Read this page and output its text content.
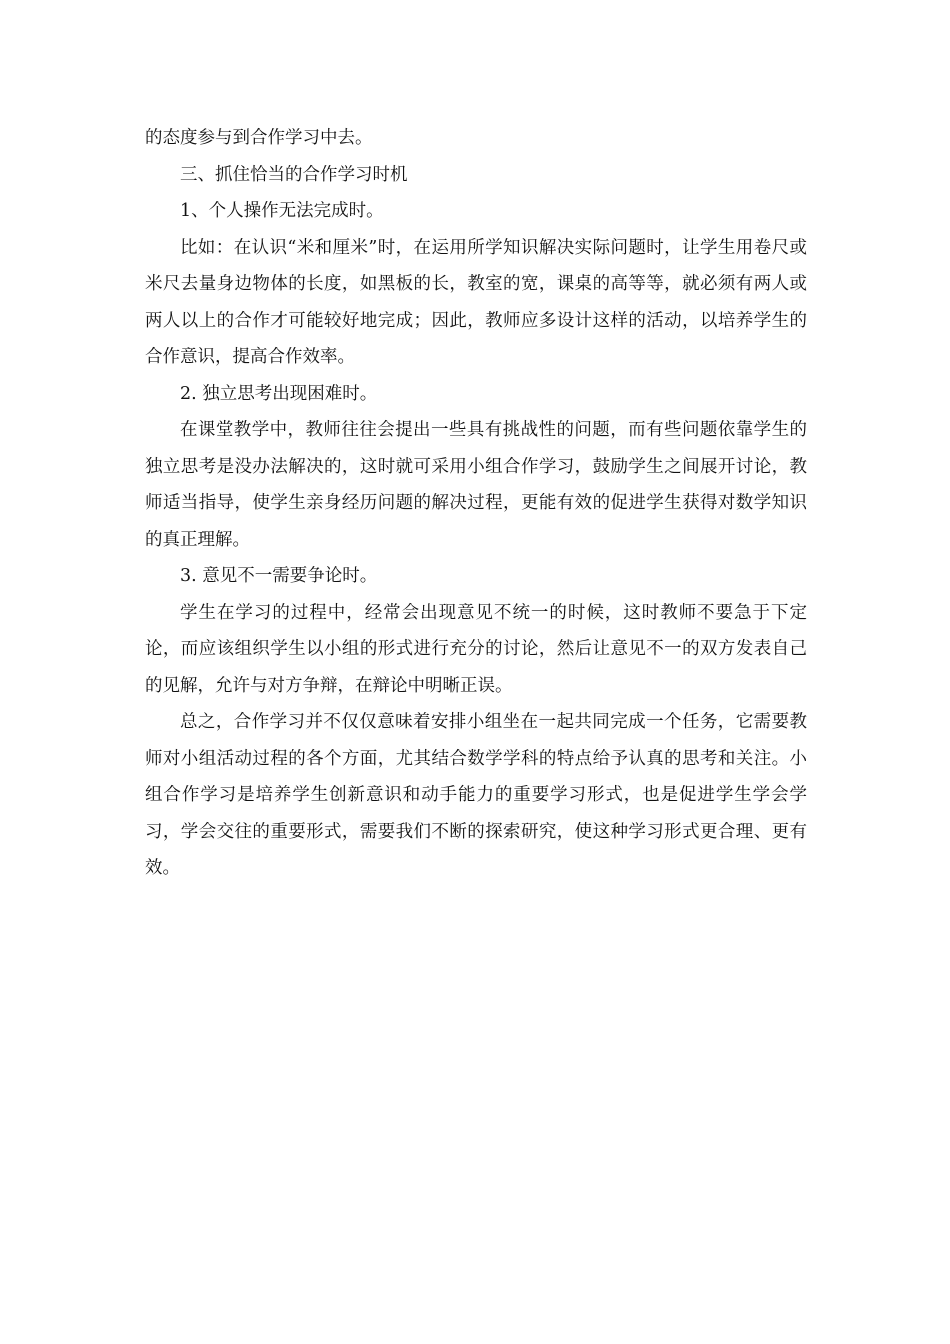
的态度参与到合作学习中去。

三、抓住恰当的合作学习时机

1、个人操作无法完成时。

比如：在认识“米和厘米”时，在运用所学知识解决实际问题时，让学生用卷尺或米尺去量身边物体的长度，如黑板的长，教室的宽，课桌的高等等，就必须有两人或两人以上的合作才可能较好地完成；因此，教师应多设计这样的活动，以培养学生的合作意识，提高合作效率。

2. 独立思考出现困难时。

在课堂教学中，教师往往会提出一些具有挑战性的问题，而有些问题依靠学生的独立思考是没办法解决的，这时就可采用小组合作学习，鼓励学生之间展开讨论，教师适当指导，使学生亲身经历问题的解决过程，更能有效的促进学生获得对数学知识的真正理解。

3. 意见不一需要争论时。

学生在学习的过程中，经常会出现意见不统一的时候，这时教师不要急于下定论，而应该组织学生以小组的形式进行充分的讨论，然后让意见不一的双方发表自己的见解，允许与对方争辩，在辩论中明晰正误。

总之，合作学习并不仅仅意味着安排小组坐在一起共同完成一个任务，它需要教师对小组活动过程的各个方面，尤其结合数学学科的特点给予认真的思考和关注。小组合作学习是培养学生创新意识和动手能力的重要学习形式，也是促进学生学会学习，学会交往的重要形式，需要我们不断的探索研究，使这种学习形式更合理、更有效。
